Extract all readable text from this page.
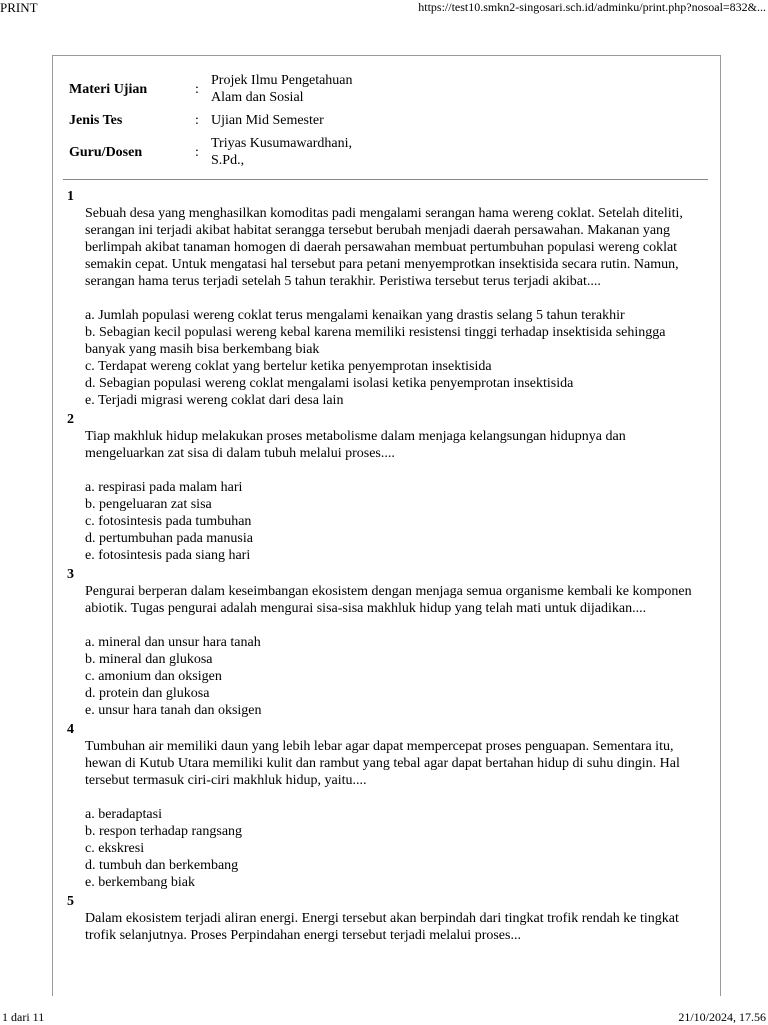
PRINT	https://test10.smkn2-singosari.sch.id/adminku/print.php?nosoal=832&...
Materi Ujian	:	Projek Ilmu Pengetahuan Alam dan Sosial

Jenis Tes	:	Ujian Mid Semester

Guru/Dosen	:	Triyas Kusumawardhani, S.Pd.,
1
Sebuah desa yang menghasilkan komoditas padi mengalami serangan hama wereng coklat. Setelah diteliti, serangan ini terjadi akibat habitat serangga tersebut berubah menjadi daerah persawahan. Makanan yang berlimpah akibat tanaman homogen di daerah persawahan membuat pertumbuhan populasi wereng coklat semakin cepat. Untuk mengatasi hal tersebut para petani menyemprotkan insektisida secara rutin. Namun, serangan hama terus terjadi setelah 5 tahun terakhir. Peristiwa tersebut terus terjadi akibat....
a. Jumlah populasi wereng coklat terus mengalami kenaikan yang drastis selang 5 tahun terakhir
b. Sebagian kecil populasi wereng kebal karena memiliki resistensi tinggi terhadap insektisida sehingga banyak yang masih bisa berkembang biak
c. Terdapat wereng coklat yang bertelur ketika penyemprotan insektisida
d. Sebagian populasi wereng coklat mengalami isolasi ketika penyemprotan insektisida
e. Terjadi migrasi wereng coklat dari desa lain
2
Tiap makhluk hidup melakukan proses metabolisme dalam menjaga kelangsungan hidupnya dan mengeluarkan zat sisa di dalam tubuh melalui proses....
a. respirasi pada malam hari
b. pengeluaran zat sisa
c. fotosintesis pada tumbuhan
d. pertumbuhan pada manusia
e. fotosintesis pada siang hari
3
Pengurai berperan dalam keseimbangan ekosistem dengan menjaga semua organisme kembali ke komponen abiotik. Tugas pengurai adalah mengurai sisa-sisa makhluk hidup yang telah mati untuk dijadikan....
a. mineral dan unsur hara tanah
b. mineral dan glukosa
c. amonium dan oksigen
d. protein dan glukosa
e. unsur hara tanah dan oksigen
4
Tumbuhan air memiliki daun yang lebih lebar agar dapat mempercepat proses penguapan. Sementara itu, hewan di Kutub Utara memiliki kulit dan rambut yang tebal agar dapat bertahan hidup di suhu dingin. Hal tersebut termasuk ciri-ciri makhluk hidup, yaitu....
a. beradaptasi
b. respon terhadap rangsang
c. ekskresi
d. tumbuh dan berkembang
e. berkembang biak
5
Dalam ekosistem terjadi aliran energi. Energi tersebut akan berpindah dari tingkat trofik rendah ke tingkat trofik selanjutnya. Proses Perpindahan energi tersebut terjadi melalui proses...
1 dari 11	21/10/2024, 17.56
